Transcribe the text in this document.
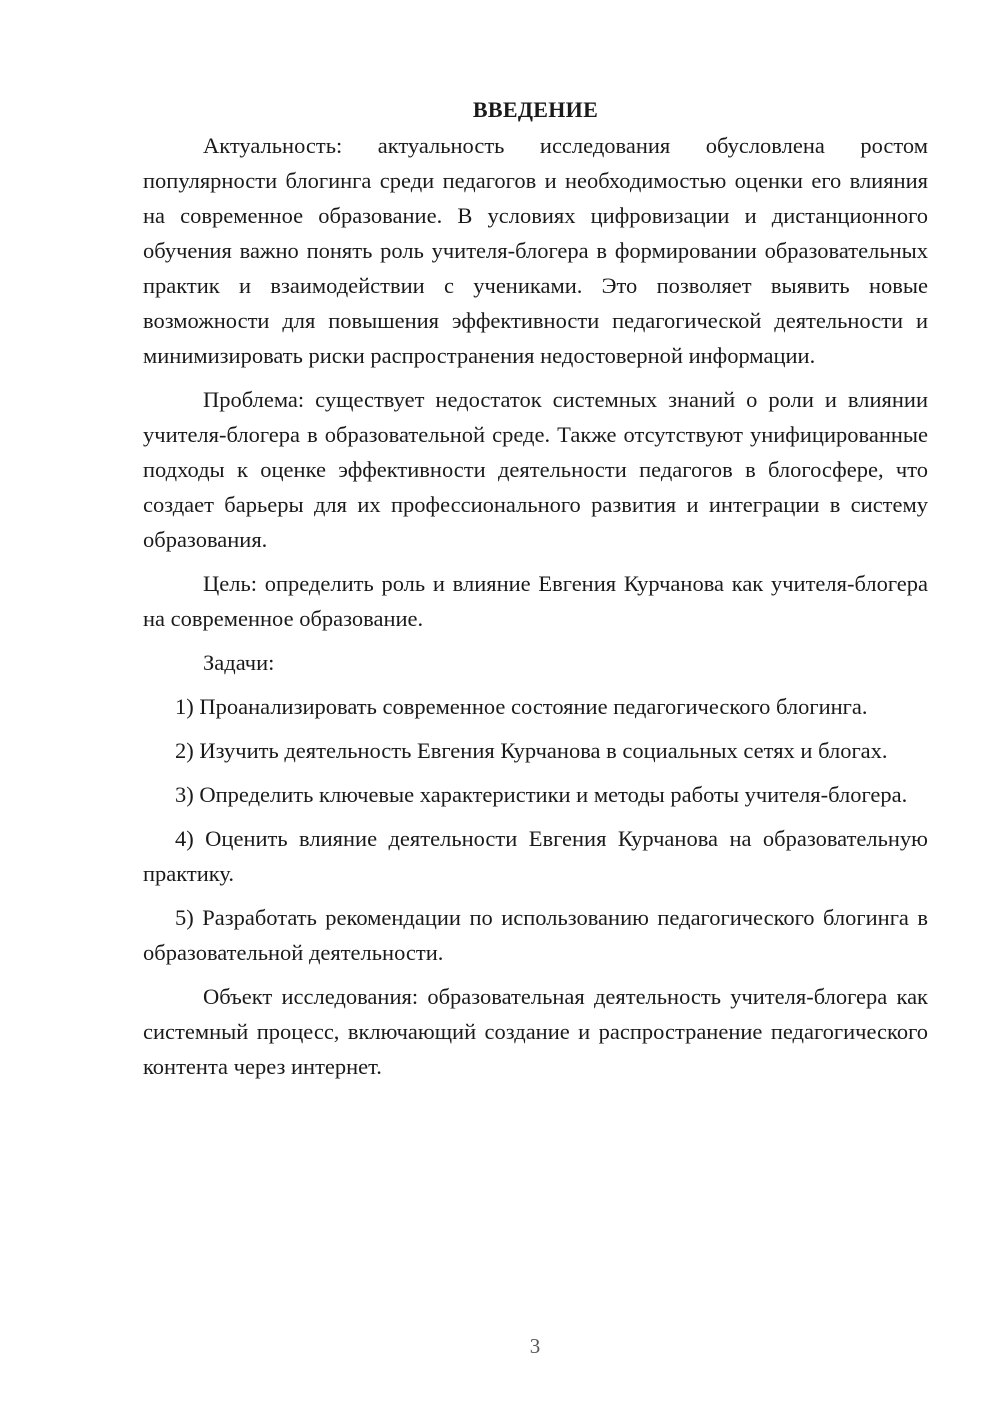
ВВЕДЕНИЕ

Актуальность: актуальность исследования обусловлена ростом популярности блогинга среди педагогов и необходимостью оценки его влияния на современное образование. В условиях цифровизации и дистанционного обучения важно понять роль учителя-блогера в формировании образовательных практик и взаимодействии с учениками. Это позволяет выявить новые возможности для повышения эффективности педагогической деятельности и минимизировать риски распространения недостоверной информации.

Проблема: существует недостаток системных знаний о роли и влиянии учителя-блогера в образовательной среде. Также отсутствуют унифицированные подходы к оценке эффективности деятельности педагогов в блогосфере, что создает барьеры для их профессионального развития и интеграции в систему образования.

Цель: определить роль и влияние Евгения Курчанова как учителя-блогера на современное образование.

Задачи:

1) Проанализировать современное состояние педагогического блогинга.

2) Изучить деятельность Евгения Курчанова в социальных сетях и блогах.

3) Определить ключевые характеристики и методы работы учителя-блогера.

4) Оценить влияние деятельности Евгения Курчанова на образовательную практику.

5) Разработать рекомендации по использованию педагогического блогинга в образовательной деятельности.

Объект исследования: образовательная деятельность учителя-блогера как системный процесс, включающий создание и распространение педагогического контента через интернет.

3
